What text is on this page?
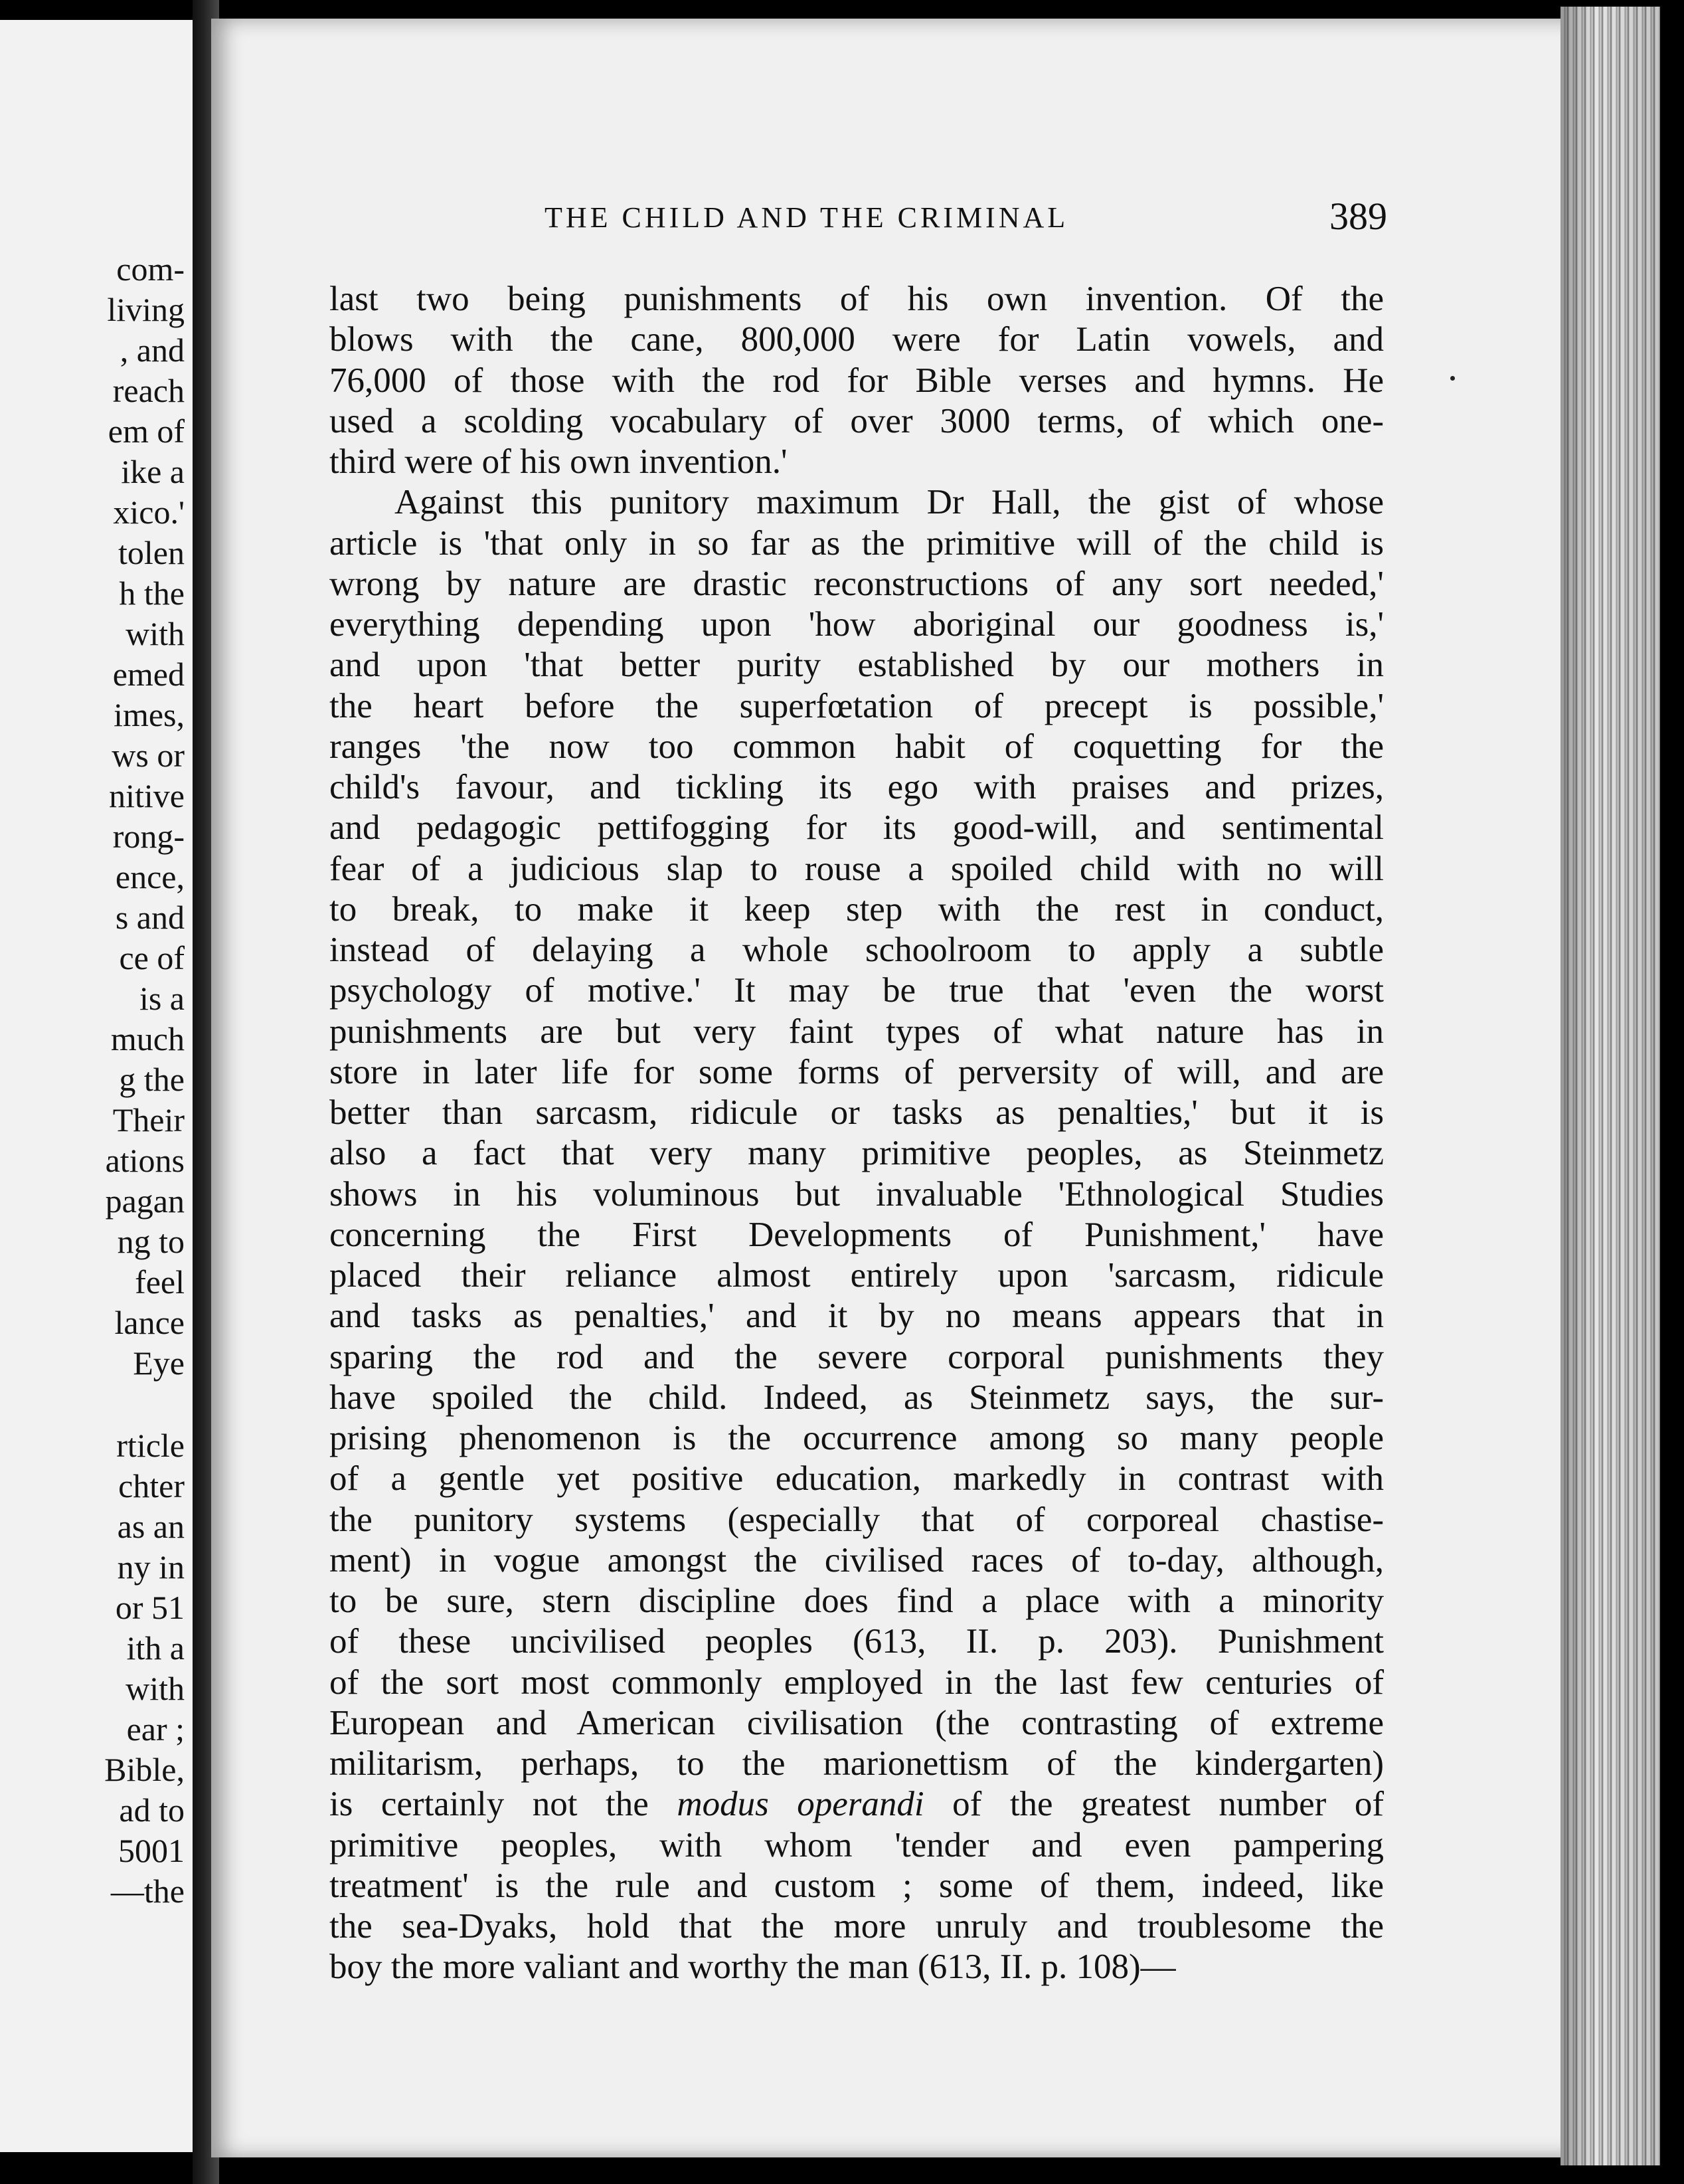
com-
living
, and
reach
em of
ike a
xico.'
tolen
h the
with
emed
imes,
ws or
nitive
rong-
ence,
s and
ce of
is a
much
g the
Their
ations
pagan
ng to
feel
lance
Eye
rticle
chter
as an
ny in
or 51
ith a
with
ear ;
Bible,
ad to
5001
—the
THE CHILD AND THE CRIMINAL	389
last two being punishments of his own invention. Of the
blows with the cane, 800,000 were for Latin vowels, and
76,000 of those with the rod for Bible verses and hymns. He
used a scolding vocabulary of over 3000 terms, of which one-
third were of his own invention.'
Against this punitory maximum Dr Hall, the gist of whose
article is 'that only in so far as the primitive will of the child is
wrong by nature are drastic reconstructions of any sort needed,'
everything depending upon 'how aboriginal our goodness is,'
and upon 'that better purity established by our mothers in
the heart before the superfœtation of precept is possible,'
ranges 'the now too common habit of coquetting for the
child's favour, and tickling its ego with praises and prizes,
and pedagogic pettifogging for its good-will, and sentimental
fear of a judicious slap to rouse a spoiled child with no will
to break, to make it keep step with the rest in conduct,
instead of delaying a whole schoolroom to apply a subtle
psychology of motive.' It may be true that 'even the worst
punishments are but very faint types of what nature has in
store in later life for some forms of perversity of will, and are
better than sarcasm, ridicule or tasks as penalties,' but it is
also a fact that very many primitive peoples, as Steinmetz
shows in his voluminous but invaluable 'Ethnological Studies
concerning the First Developments of Punishment,' have
placed their reliance almost entirely upon 'sarcasm, ridicule
and tasks as penalties,' and it by no means appears that in
sparing the rod and the severe corporal punishments they
have spoiled the child. Indeed, as Steinmetz says, the sur-
prising phenomenon is the occurrence among so many people
of a gentle yet positive education, markedly in contrast with
the punitory systems (especially that of corporeal chastise-
ment) in vogue amongst the civilised races of to-day, although,
to be sure, stern discipline does find a place with a minority
of these uncivilised peoples (613, II. p. 203). Punishment
of the sort most commonly employed in the last few centuries of
European and American civilisation (the contrasting of extreme
militarism, perhaps, to the marionettism of the kindergarten)
is certainly not the modus operandi of the greatest number of
primitive peoples, with whom 'tender and even pampering
treatment' is the rule and custom ; some of them, indeed, like
the sea-Dyaks, hold that the more unruly and troublesome the
boy the more valiant and worthy the man (613, II. p. 108)—
